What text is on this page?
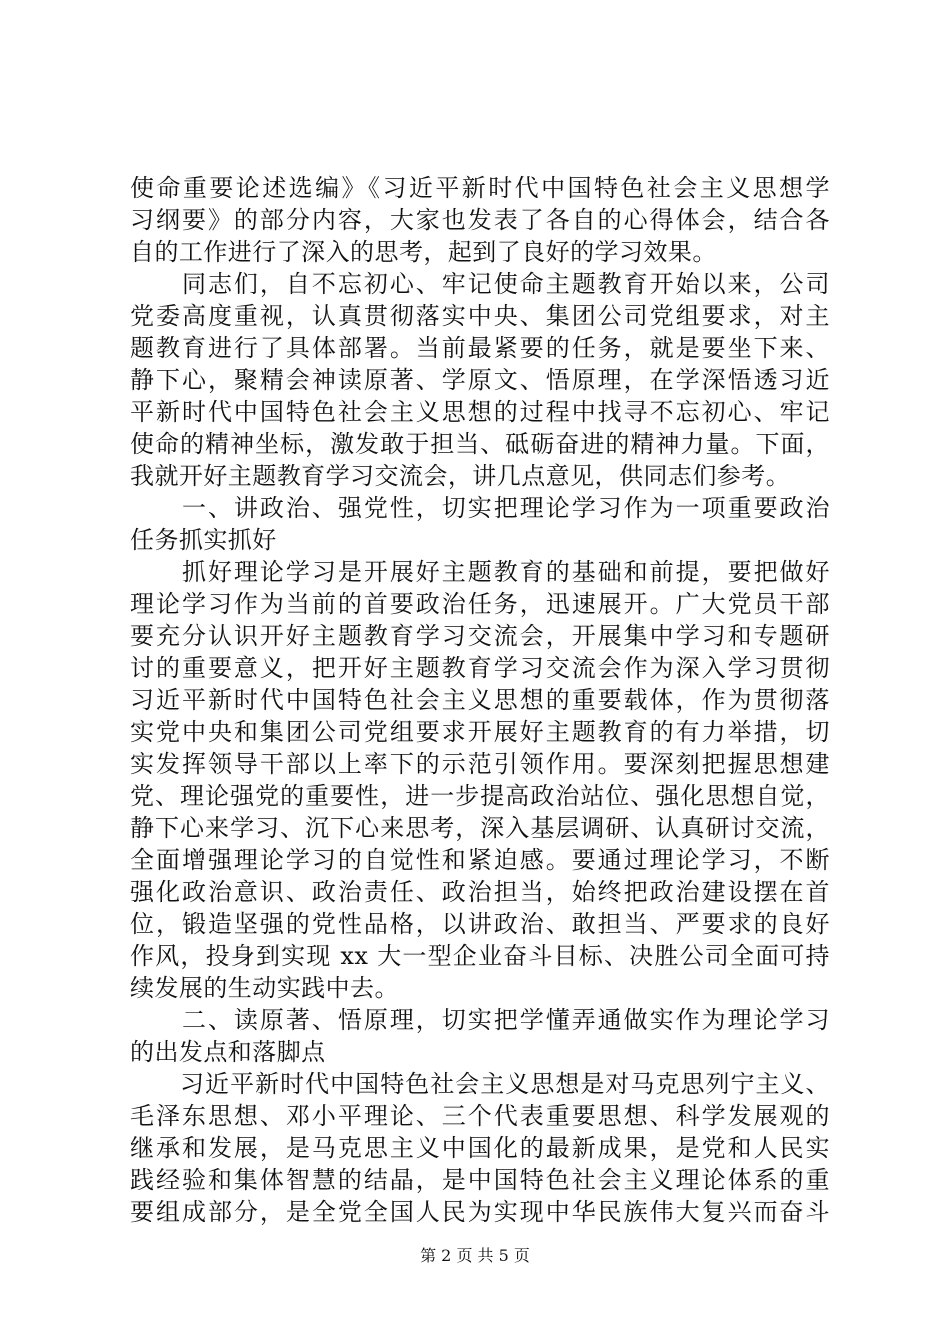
使命重要论述选编》《习近平新时代中国特色社会主义思想学
习纲要》的部分内容，大家也发表了各自的心得体会，结合各
自的工作进行了深入的思考，起到了良好的学习效果。
　　同志们，自不忘初心、牢记使命主题教育开始以来，公司
党委高度重视，认真贯彻落实中央、集团公司党组要求，对主
题教育进行了具体部署。当前最紧要的任务，就是要坐下来、
静下心，聚精会神读原著、学原文、悟原理，在学深悟透习近
平新时代中国特色社会主义思想的过程中找寻不忘初心、牢记
使命的精神坐标，激发敢于担当、砥砺奋进的精神力量。下面，
我就开好主题教育学习交流会，讲几点意见，供同志们参考。
　　一、讲政治、强党性，切实把理论学习作为一项重要政治
任务抓实抓好
　　抓好理论学习是开展好主题教育的基础和前提，要把做好
理论学习作为当前的首要政治任务，迅速展开。广大党员干部
要充分认识开好主题教育学习交流会，开展集中学习和专题研
讨的重要意义，把开好主题教育学习交流会作为深入学习贯彻
习近平新时代中国特色社会主义思想的重要载体，作为贯彻落
实党中央和集团公司党组要求开展好主题教育的有力举措，切
实发挥领导干部以上率下的示范引领作用。要深刻把握思想建
党、理论强党的重要性，进一步提高政治站位、强化思想自觉，
静下心来学习、沉下心来思考，深入基层调研、认真研讨交流，
全面增强理论学习的自觉性和紧迫感。要通过理论学习，不断
强化政治意识、政治责任、政治担当，始终把政治建设摆在首
位，锻造坚强的党性品格，以讲政治、敢担当、严要求的良好
作风，投身到实现 xx 大一型企业奋斗目标、决胜公司全面可持
续发展的生动实践中去。
　　二、读原著、悟原理，切实把学懂弄通做实作为理论学习
的出发点和落脚点
　　习近平新时代中国特色社会主义思想是对马克思列宁主义、
毛泽东思想、邓小平理论、三个代表重要思想、科学发展观的
继承和发展，是马克思主义中国化的最新成果，是党和人民实
践经验和集体智慧的结晶，是中国特色社会主义理论体系的重
要组成部分，是全党全国人民为实现中华民族伟大复兴而奋斗
第 2 页 共 5 页
